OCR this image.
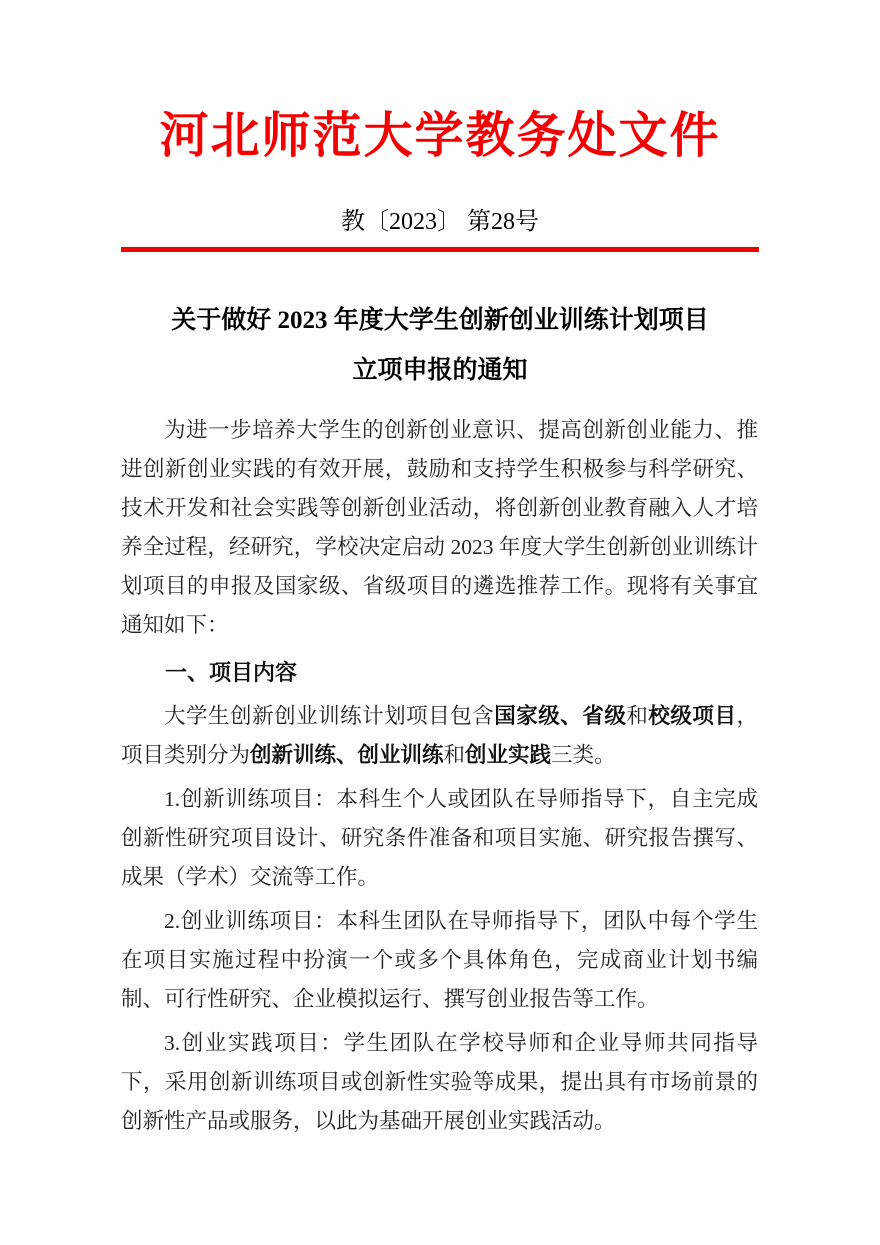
河北师范大学教务处文件
教〔2023〕 第28号
关于做好 2023 年度大学生创新创业训练计划项目
立项申报的通知

为进一步培养大学生的创新创业意识、提高创新创业能力、推进创新创业实践的有效开展，鼓励和支持学生积极参与科学研究、技术开发和社会实践等创新创业活动，将创新创业教育融入人才培养全过程，经研究，学校决定启动 2023 年度大学生创新创业训练计划项目的申报及国家级、省级项目的遴选推荐工作。现将有关事宜通知如下：

一、项目内容

大学生创新创业训练计划项目包含国家级、省级和校级项目，项目类别分为创新训练、创业训练和创业实践三类。

1.创新训练项目：本科生个人或团队在导师指导下，自主完成创新性研究项目设计、研究条件准备和项目实施、研究报告撰写、成果（学术）交流等工作。

2.创业训练项目：本科生团队在导师指导下，团队中每个学生在项目实施过程中扮演一个或多个具体角色，完成商业计划书编制、可行性研究、企业模拟运行、撰写创业报告等工作。

3.创业实践项目：学生团队在学校导师和企业导师共同指导下，采用创新训练项目或创新性实验等成果，提出具有市场前景的创新性产品或服务，以此为基础开展创业实践活动。
